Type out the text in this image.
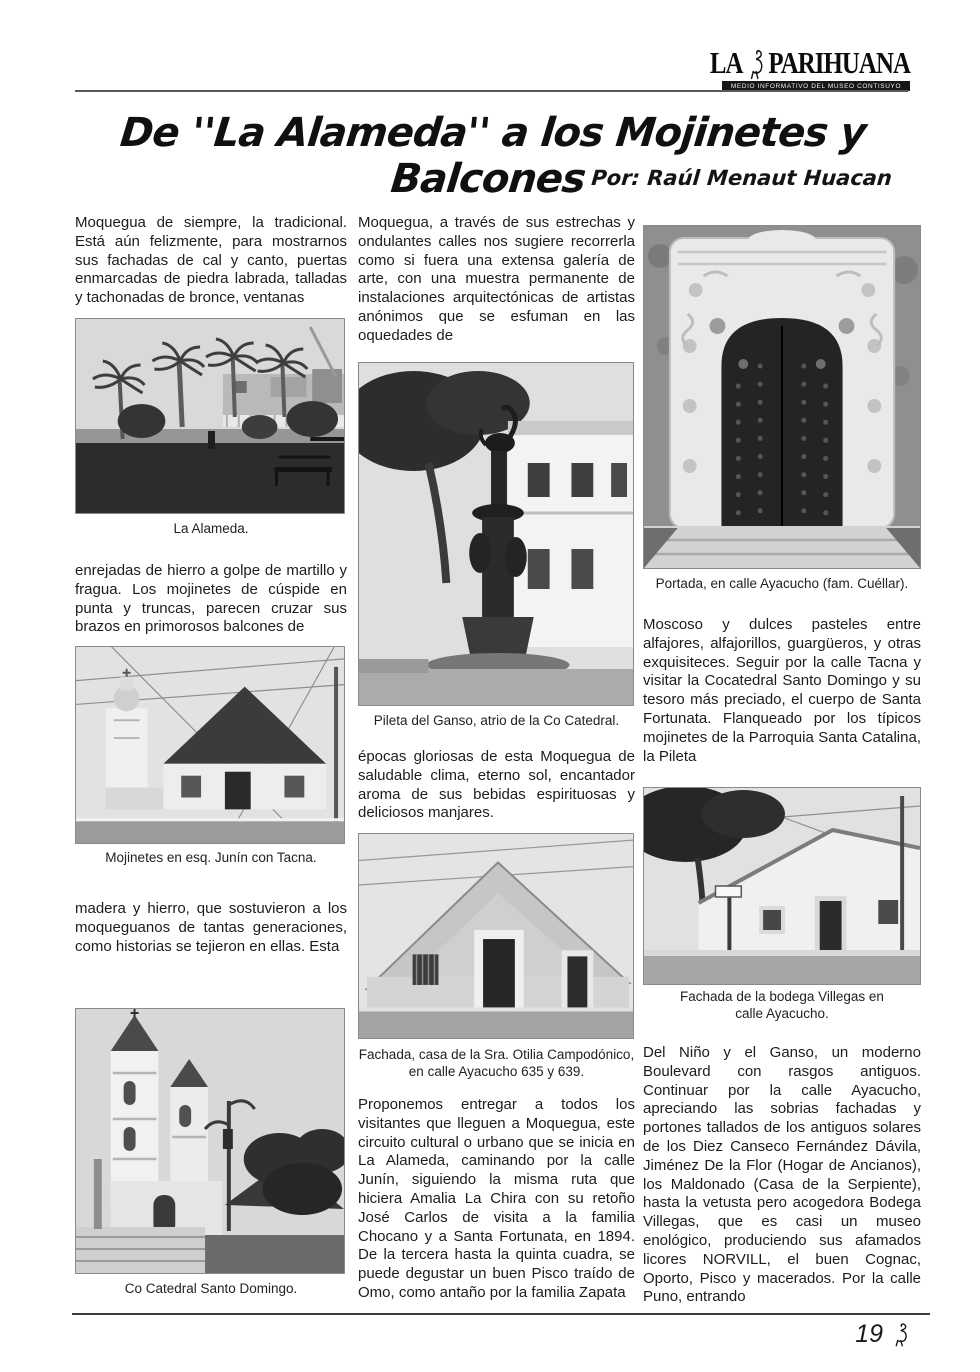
LA PARIHUANA
MEDIO INFORMATIVO DEL MUSEO CONTISUYO
De ''La Alameda'' a los Mojinetes y Balcones Por: Raúl Menaut Huacan
Moquegua de siempre, la tradicional. Está aún felizmente, para mostrarnos sus fachadas de cal y canto, puertas enmarcadas de piedra labrada, talladas y tachonadas de bronce, ventanas
La Alameda.
enrejadas de hierro a golpe de martillo y fragua. Los mojinetes de cúspide en punta y truncas, parecen cruzar sus brazos en primorosos balcones de
Mojinetes en esq. Junín con Tacna.
madera y hierro, que sostuvieron a los moqueguanos de tantas generaciones, como historias se tejieron en ellas. Esta
Co Catedral Santo Domingo.
Moquegua, a través de sus estrechas y ondulantes calles nos sugiere recorrerla como si fuera una extensa galería de arte, con una muestra permanente de instalaciones arquitectónicas de artistas anónimos que se esfuman en las oquedades de
Pileta del Ganso, atrio de la Co Catedral.
épocas gloriosas de esta Moquegua de saludable clima, eterno sol, encantador aroma de sus bebidas espirituosas y deliciosos manjares.
Fachada, casa de la Sra. Otilia Campodónico, en calle Ayacucho 635 y 639.
Proponemos entregar a todos los visitantes que lleguen a Moquegua, este circuito cultural o urbano que se inicia en La Alameda, caminando por la calle Junín, siguiendo la misma ruta que hiciera Amalia La Chira con su retoño José Carlos de visita a la familia Chocano y a Santa Fortunata, en 1894. De la tercera hasta la quinta cuadra, se puede degustar un buen Pisco traído de Omo, como antaño por la familia Zapata
Portada, en calle Ayacucho (fam. Cuéllar).
Moscoso y dulces pasteles entre alfajores, alfajorillos, guargüeros, y otras exquisiteces. Seguir por la calle Tacna y visitar la Cocatedral Santo Domingo y su tesoro más preciado, el cuerpo de Santa Fortunata. Flanqueado por los típicos mojinetes de la Parroquia Santa Catalina, la Pileta
Fachada de la bodega Villegas en calle Ayacucho.
Del Niño y el Ganso, un moderno Boulevard con rasgos antiguos. Continuar por la calle Ayacucho, apreciando las sobrias fachadas y portones tallados de los antiguos solares de los Diez Canseco Fernández Dávila, Jiménez De la Flor (Hogar de Ancianos), los Maldonado (Casa de la Serpiente), hasta la vetusta pero acogedora Bodega Villegas, que es casi un museo enológico, produciendo sus afamados licores NORVILL, el buen Cognac, Oporto, Pisco y macerados. Por la calle Puno, entrando
19
